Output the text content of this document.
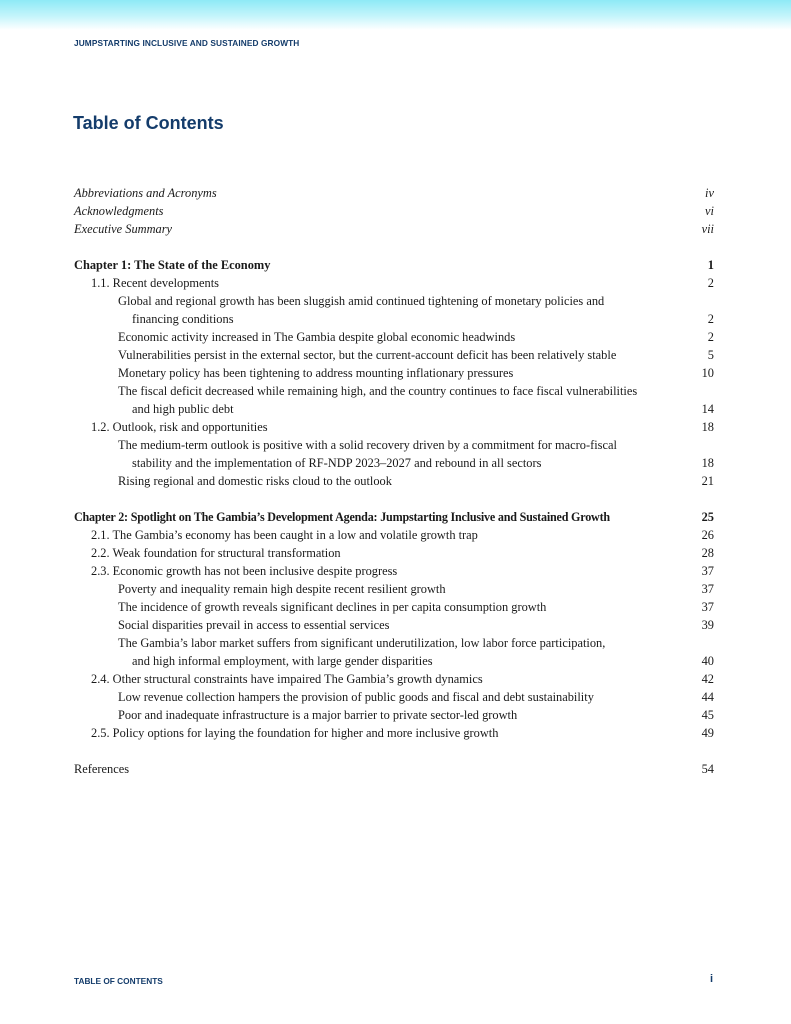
JUMPSTARTING INCLUSIVE AND SUSTAINED GROWTH
Table of Contents
Abbreviations and Acronyms	iv
Acknowledgments	vi
Executive Summary	vii
Chapter 1: The State of the Economy	1
1.1. Recent developments	2
Global and regional growth has been sluggish amid continued tightening of monetary policies and
financing conditions	2
Economic activity increased in The Gambia despite global economic headwinds	2
Vulnerabilities persist in the external sector, but the current-account deficit has been relatively stable	5
Monetary policy has been tightening to address mounting inflationary pressures	10
The fiscal deficit decreased while remaining high, and the country continues to face fiscal vulnerabilities
and high public debt	14
1.2. Outlook, risk and opportunities	18
The medium-term outlook is positive with a solid recovery driven by a commitment for macro-fiscal
stability and the implementation of RF-NDP 2023–2027 and rebound in all sectors	18
Rising regional and domestic risks cloud to the outlook	21
Chapter 2: Spotlight on The Gambia’s Development Agenda: Jumpstarting Inclusive and Sustained Growth	25
2.1. The Gambia’s economy has been caught in a low and volatile growth trap	26
2.2. Weak foundation for structural transformation	28
2.3. Economic growth has not been inclusive despite progress	37
Poverty and inequality remain high despite recent resilient growth	37
The incidence of growth reveals significant declines in per capita consumption growth	37
Social disparities prevail in access to essential services	39
The Gambia’s labor market suffers from significant underutilization, low labor force participation,
and high informal employment, with large gender disparities	40
2.4. Other structural constraints have impaired The Gambia’s growth dynamics	42
Low revenue collection hampers the provision of public goods and fiscal and debt sustainability	44
Poor and inadequate infrastructure is a major barrier to private sector-led growth	45
2.5. Policy options for laying the foundation for higher and more inclusive growth	49
References	54
TABLE OF CONTENTS	i
